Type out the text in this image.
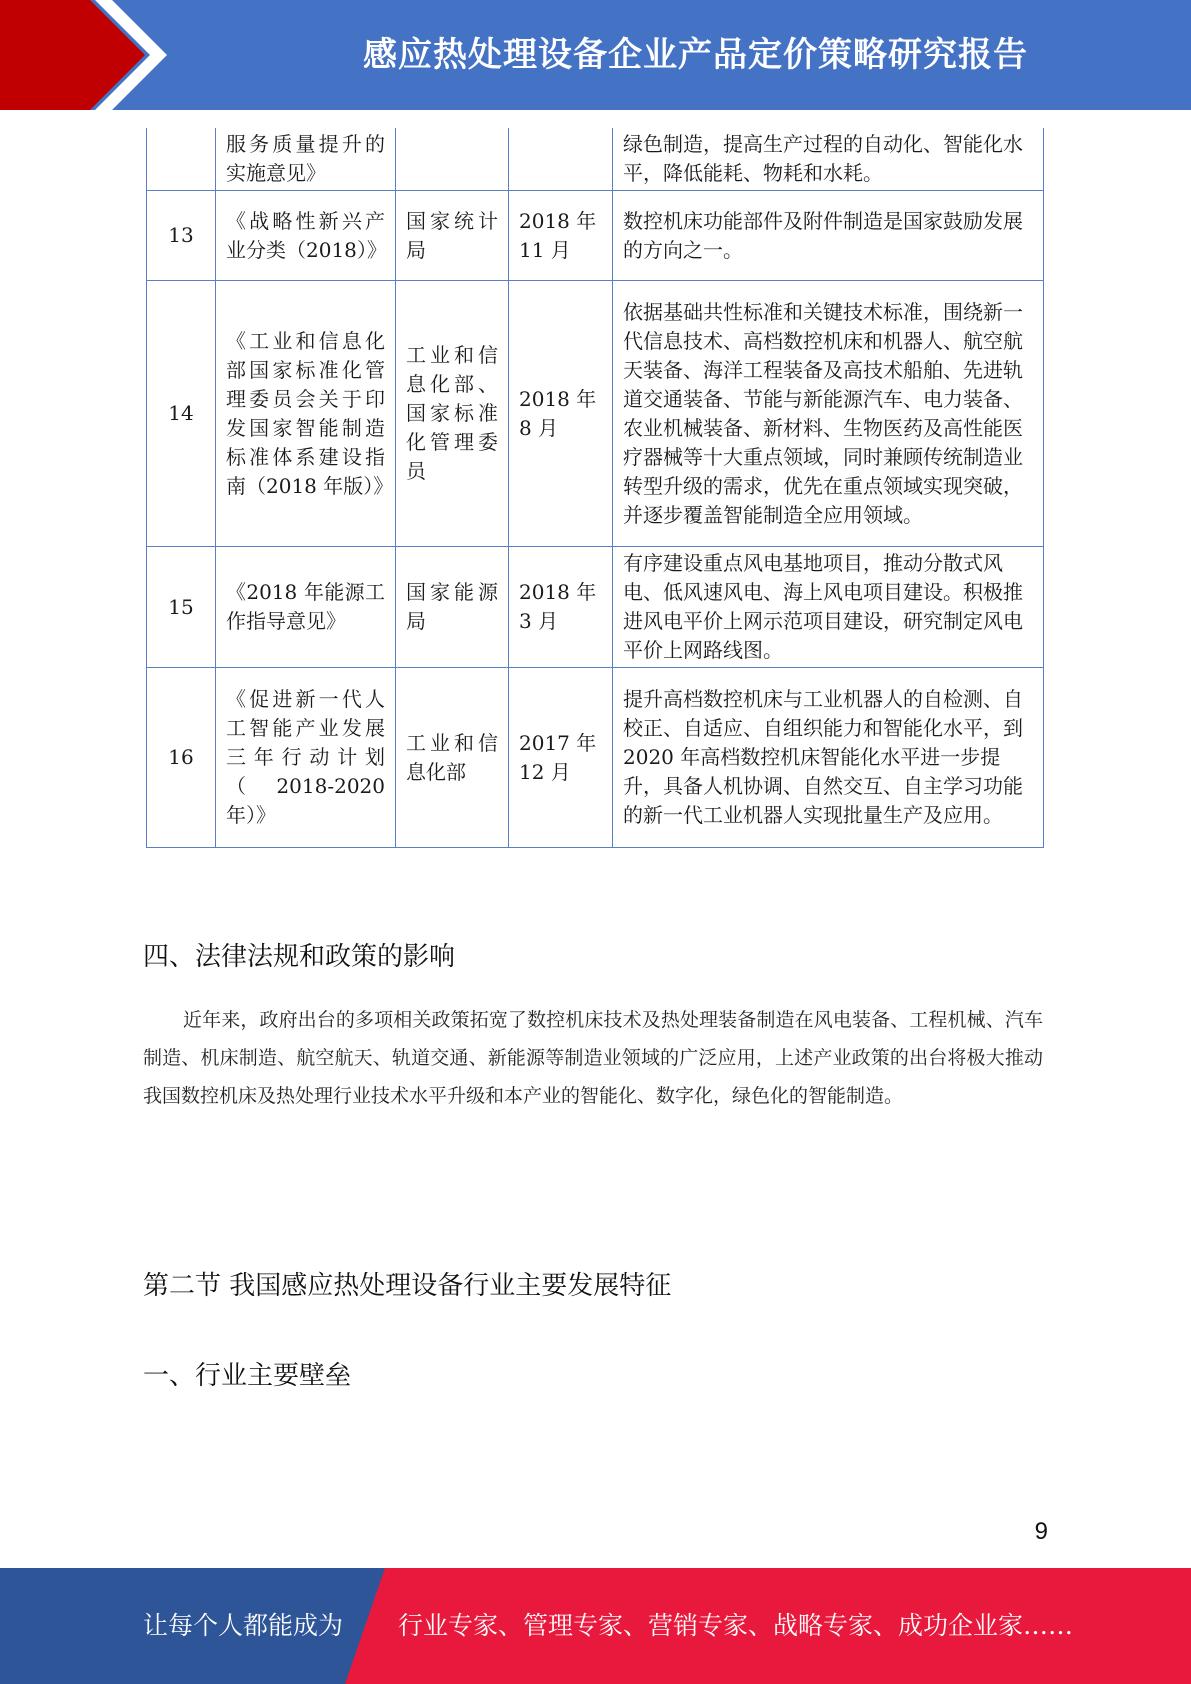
感应热处理设备企业产品定价策略研究报告
	服务质量提升的实施意见》			绿色制造，提高生产过程的自动化、智能化水平，降低能耗、物耗和水耗。
13	《战略性新兴产业分类（2018）》	国家统计局	2018 年 11 月	数控机床功能部件及附件制造是国家鼓励发展的方向之一。
14	《工业和信息化部国家标准化管理委员会关于印发国家智能制造标准体系建设指南（2018 年版）》	工业和信息化部、国家标准化管理委员	2018 年 8 月	依据基础共性标准和关键技术标准，围绕新一代信息技术、高档数控机床和机器人、航空航天装备、海洋工程装备及高技术船舶、先进轨道交通装备、节能与新能源汽车、电力装备、农业机械装备、新材料、生物医药及高性能医疗器械等十大重点领域，同时兼顾传统制造业转型升级的需求，优先在重点领域实现突破，并逐步覆盖智能制造全应用领域。
15	《2018 年能源工作指导意见》	国家能源局	2018 年 3 月	有序建设重点风电基地项目，推动分散式风电、低风速风电、海上风电项目建设。积极推进风电平价上网示范项目建设，研究制定风电平价上网路线图。
16	《促进新一代人工智能产业发展三年行动计划（2018-2020年）》	工业和信息化部	2017 年 12 月	提升高档数控机床与工业机器人的自检测、自校正、自适应、自组织能力和智能化水平，到 2020 年高档数控机床智能化水平进一步提升，具备人机协调、自然交互、自主学习功能的新一代工业机器人实现批量生产及应用。
四、法律法规和政策的影响

近年来，政府出台的多项相关政策拓宽了数控机床技术及热处理装备制造在风电装备、工程机械、汽车制造、机床制造、航空航天、轨道交通、新能源等制造业领域的广泛应用，上述产业政策的出台将极大推动我国数控机床及热处理行业技术水平升级和本产业的智能化、数字化，绿色化的智能制造。

第二节 我国感应热处理设备行业主要发展特征
一、行业主要壁垒
9
让每个人都能成为 行业专家、管理专家、营销专家、战略专家、成功企业家……
